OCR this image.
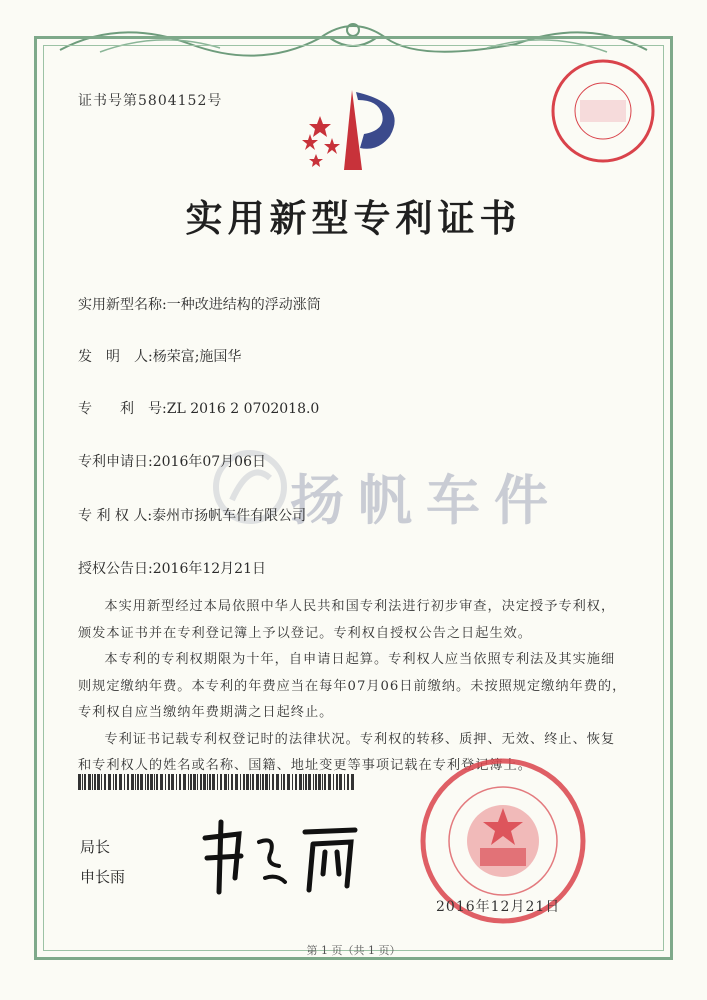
证书号第5804152号
实用新型专利证书
扬帆车件
实用新型名称:一种改进结构的浮动涨筒
发　明　人:杨荣富;施国华
专　　利　号:ZL 2016 2 0702018.0
专利申请日:2016年07月06日
专 利 权 人:泰州市扬帆车件有限公司
授权公告日:2016年12月21日

本实用新型经过本局依照中华人民共和国专利法进行初步审查，决定授予专利权，颁发本证书并在专利登记簿上予以登记。专利权自授权公告之日起生效。

本专利的专利权期限为十年，自申请日起算。专利权人应当依照专利法及其实施细则规定缴纳年费。本专利的年费应当在每年07月06日前缴纳。未按照规定缴纳年费的，专利权自应当缴纳年费期满之日起终止。

专利证书记载专利权登记时的法律状况。专利权的转移、质押、无效、终止、恢复和专利权人的姓名或名称、国籍、地址变更等事项记载在专利登记簿上。

局长
申长雨
2016年12月21日
第 1 页（共 1 页）
